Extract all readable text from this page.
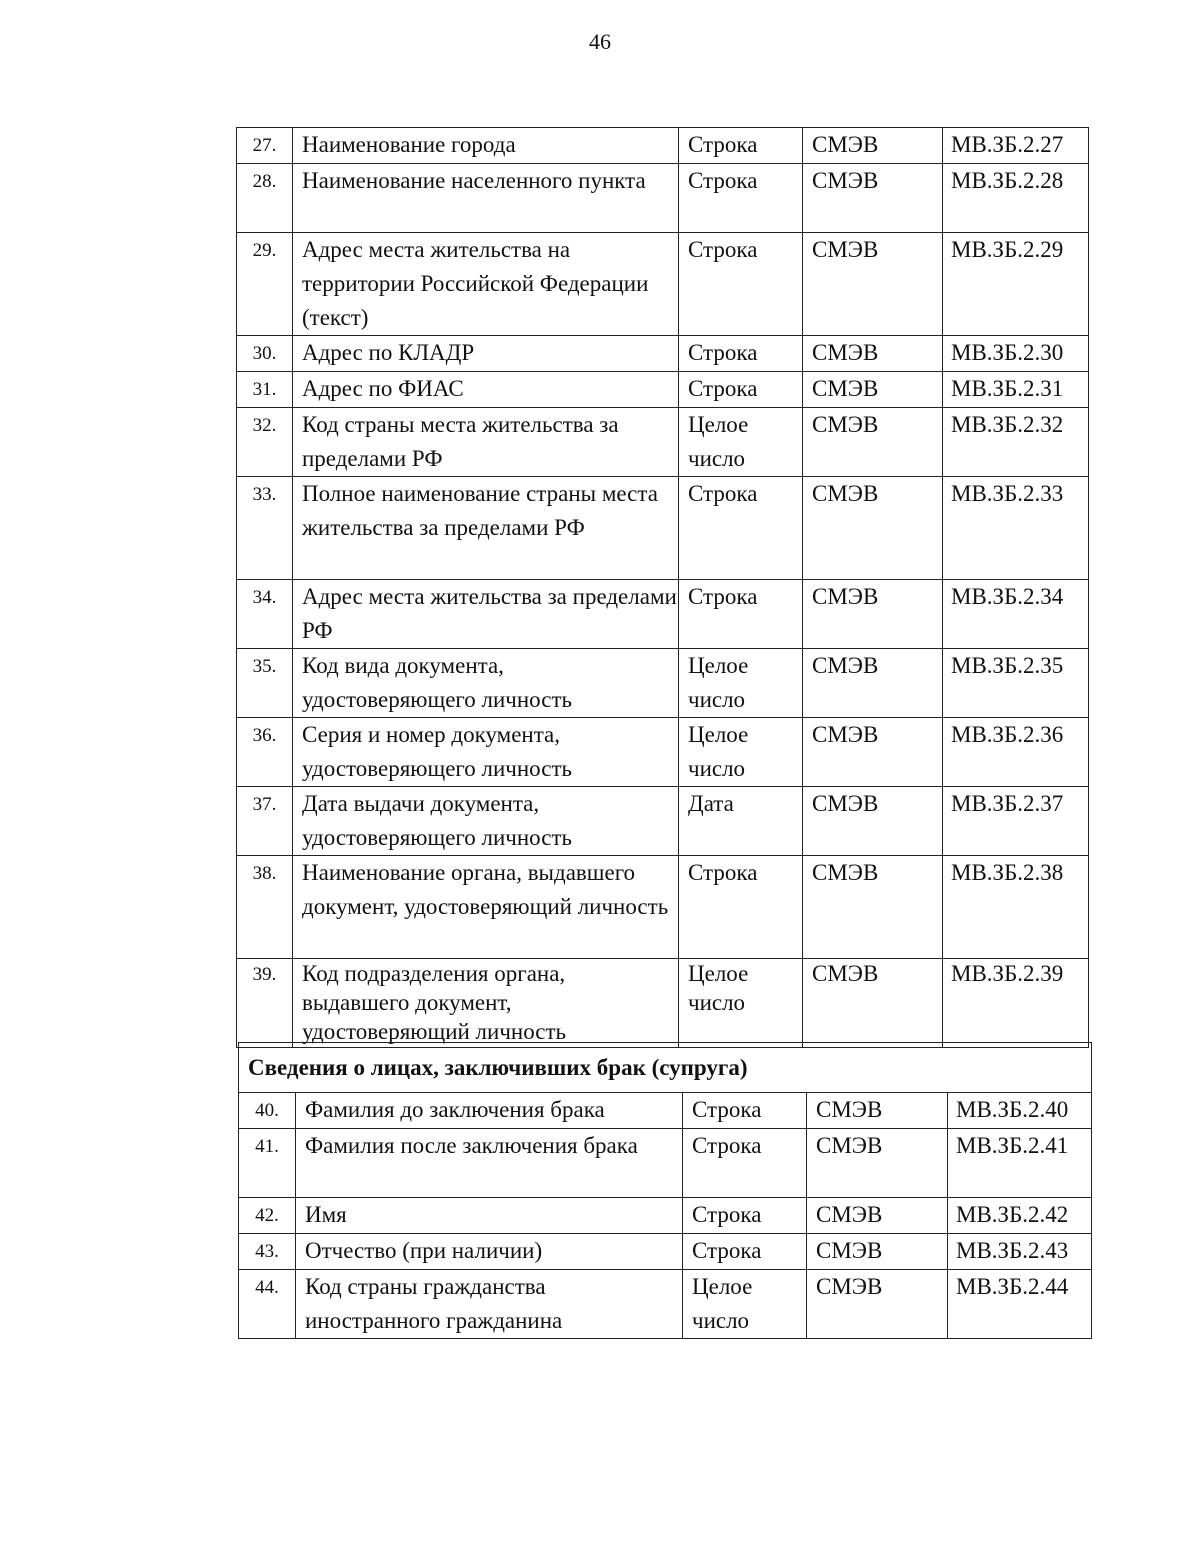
46
27.	Наименование города	Строка	СМЭВ	МВ.ЗБ.2.27
28.	Наименование населенного пункта	Строка	СМЭВ	МВ.ЗБ.2.28
29.	Адрес места жительства на территории Российской Федерации (текст)	Строка	СМЭВ	МВ.ЗБ.2.29
30.	Адрес по КЛАДР	Строка	СМЭВ	МВ.ЗБ.2.30
31.	Адрес по ФИАС	Строка	СМЭВ	МВ.ЗБ.2.31
32.	Код страны места жительства за пределами РФ	Целое число	СМЭВ	МВ.ЗБ.2.32
33.	Полное наименование страны места жительства за пределами РФ	Строка	СМЭВ	МВ.ЗБ.2.33
34.	Адрес места жительства за пределами РФ	Строка	СМЭВ	МВ.ЗБ.2.34
35.	Код вида документа, удостоверяющего личность	Целое число	СМЭВ	МВ.ЗБ.2.35
36.	Серия и номер документа, удостоверяющего личность	Целое число	СМЭВ	МВ.ЗБ.2.36
37.	Дата выдачи документа, удостоверяющего личность	Дата	СМЭВ	МВ.ЗБ.2.37
38.	Наименование органа, выдавшего документ, удостоверяющий личность	Строка	СМЭВ	МВ.ЗБ.2.38
39.	Код подразделения органа, выдавшего документ, удостоверяющий личность	Целое число	СМЭВ	МВ.ЗБ.2.39
Сведения о лицах, заключивших брак (супруга)				
40.	Фамилия до заключения брака	Строка	СМЭВ	МВ.ЗБ.2.40
41.	Фамилия после заключения брака	Строка	СМЭВ	МВ.ЗБ.2.41
42.	Имя	Строка	СМЭВ	МВ.ЗБ.2.42
43.	Отчество (при наличии)	Строка	СМЭВ	МВ.ЗБ.2.43
44.	Код страны гражданства иностранного гражданина	Целое число	СМЭВ	МВ.ЗБ.2.44
